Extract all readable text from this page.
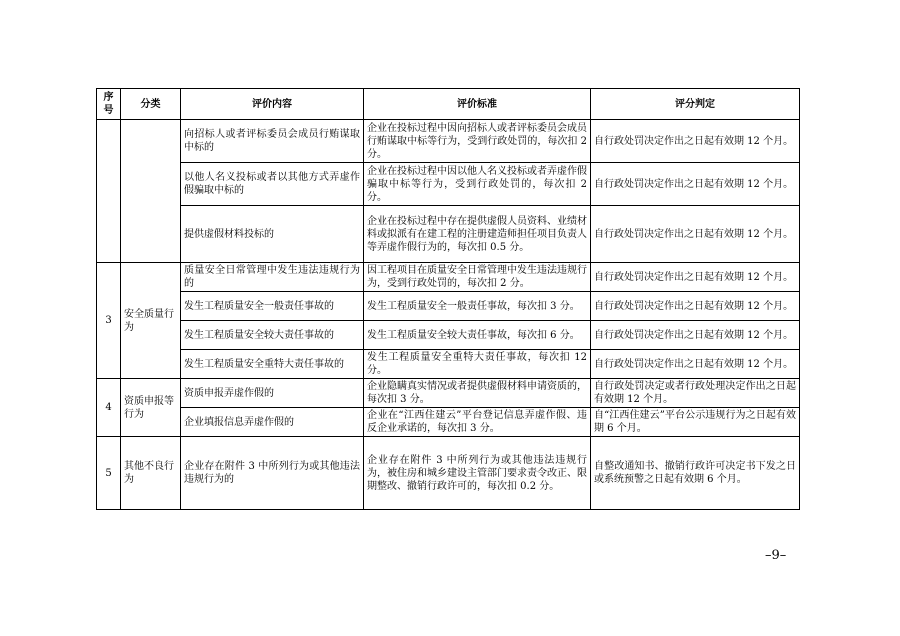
序
号	分类	评价内容	评价标准	评分判定
		向招标人或者评标委员会成员行贿谋取中标的	企业在投标过程中因向招标人或者评标委员会成员行贿谋取中标等行为，受到行政处罚的，每次扣 2 分。	自行政处罚决定作出之日起有效期 12 个月。
		以他人名义投标或者以其他方式弄虚作假骗取中标的	企业在投标过程中因以他人名义投标或者弄虚作假骗取中标等行为，受到行政处罚的，每次扣 2 分。	自行政处罚决定作出之日起有效期 12 个月。
		提供虚假材料投标的	企业在投标过程中存在提供虚假人员资料、业绩材料或拟派有在建工程的注册建造师担任项目负责人等弄虚作假行为的，每次扣 0.5 分。	自行政处罚决定作出之日起有效期 12 个月。
3	安全质量行为	质量安全日常管理中发生违法违规行为的	因工程项目在质量安全日常管理中发生违法违规行为，受到行政处罚的，每次扣 2 分。	自行政处罚决定作出之日起有效期 12 个月。
		发生工程质量安全一般责任事故的	发生工程质量安全一般责任事故，每次扣 3 分。	自行政处罚决定作出之日起有效期 12 个月。
		发生工程质量安全较大责任事故的	发生工程质量安全较大责任事故，每次扣 6 分。	自行政处罚决定作出之日起有效期 12 个月。
		发生工程质量安全重特大责任事故的	发生工程质量安全重特大责任事故，每次扣 12 分。	自行政处罚决定作出之日起有效期 12 个月。
4	资质申报等行为	资质申报弄虚作假的	企业隐瞒真实情况或者提供虚假材料申请资质的，每次扣 3 分。	自行政处罚决定或者行政处理决定作出之日起有效期 12 个月。
		企业填报信息弄虚作假的	企业在“江西住建云”平台登记信息弄虚作假、违反企业承诺的，每次扣 3 分。	自“江西住建云”平台公示违规行为之日起有效期 6 个月。
5	其他不良行为	企业存在附件 3 中所列行为或其他违法违规行为的	企业存在附件 3 中所列行为或其他违法违规行为，被住房和城乡建设主管部门要求责令改正、限期整改、撤销行政许可的，每次扣 0.2 分。	自整改通知书、撤销行政许可决定书下发之日或系统预警之日起有效期 6 个月。
–9–
